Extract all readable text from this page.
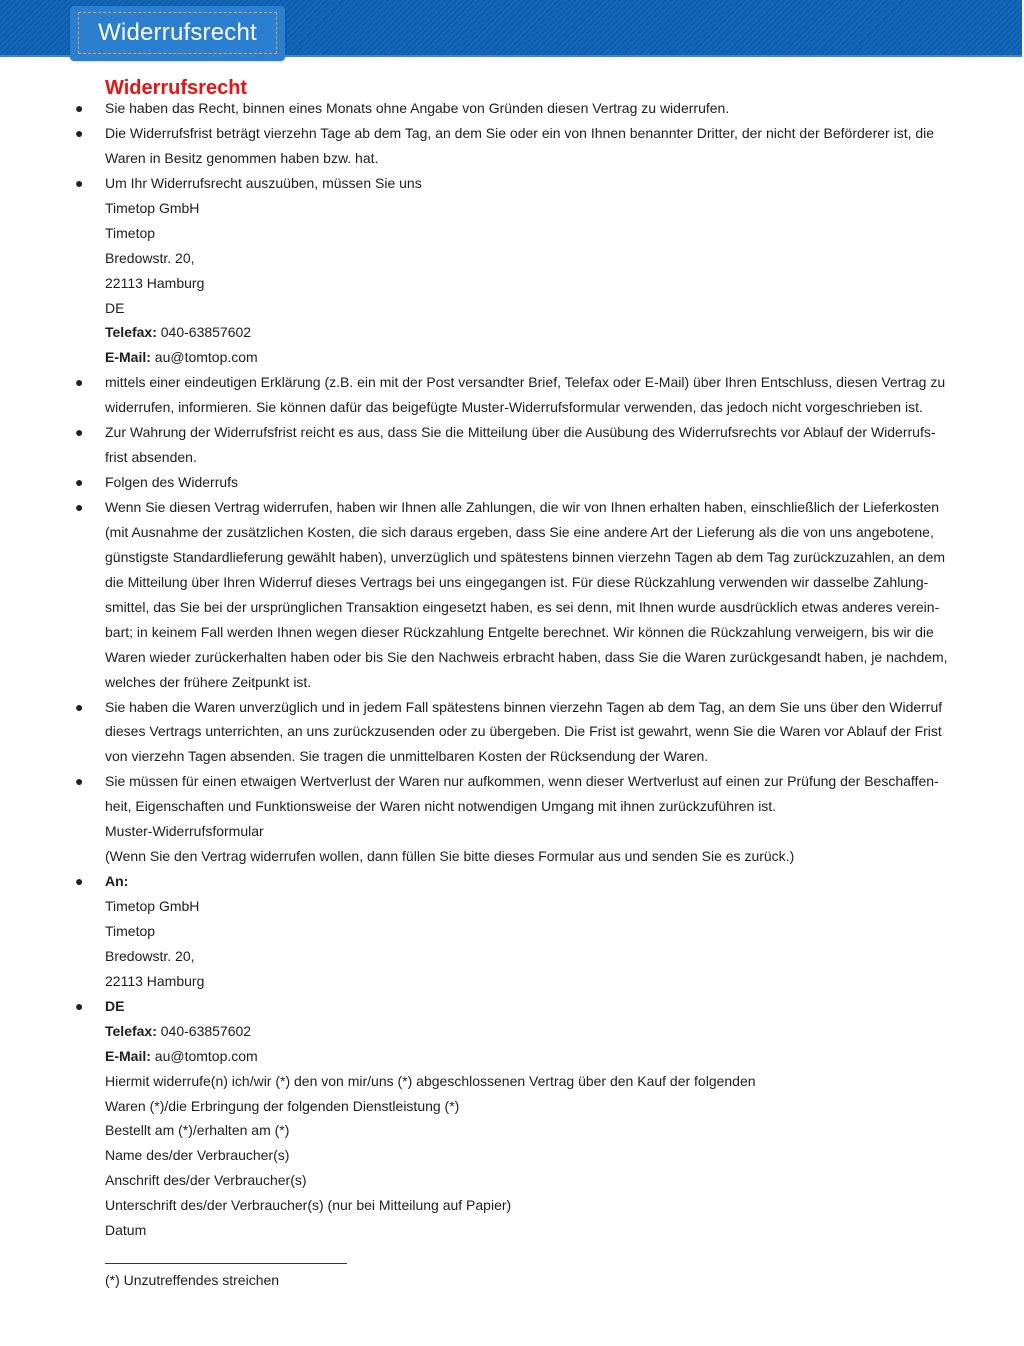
Widerrufsrecht
Widerrufsrecht
● Sie haben das Recht, binnen eines Monats ohne Angabe von Gründen diesen Vertrag zu widerrufen.
● Die Widerrufsfrist beträgt vierzehn Tage ab dem Tag, an dem Sie oder ein von Ihnen benannter Dritter, der nicht der Beförderer ist, die
Waren in Besitz genommen haben bzw. hat.
● Um Ihr Widerrufsrecht auszuüben, müssen Sie uns
Timetop GmbH
Timetop
Bredowstr. 20,
22113 Hamburg
DE
Telefax: 040-63857602
E-Mail: au@tomtop.com
● mittels einer eindeutigen Erklärung (z.B. ein mit der Post versandter Brief, Telefax oder E-Mail) über Ihren Entschluss, diesen Vertrag zu
widerrufen, informieren. Sie können dafür das beigefügte Muster-Widerrufsformular verwenden, das jedoch nicht vorgeschrieben ist.
● Zur Wahrung der Widerrufsfrist reicht es aus, dass Sie die Mitteilung über die Ausübung des Widerrufsrechts vor Ablauf der Widerrufs-
frist absenden.
● Folgen des Widerrufs
● Wenn Sie diesen Vertrag widerrufen, haben wir Ihnen alle Zahlungen, die wir von Ihnen erhalten haben, einschließlich der Lieferkosten
(mit Ausnahme der zusätzlichen Kosten, die sich daraus ergeben, dass Sie eine andere Art der Lieferung als die von uns angebotene,
günstigste Standardlieferung gewählt haben), unverzüglich und spätestens binnen vierzehn Tagen ab dem Tag zurückzuzahlen, an dem
die Mitteilung über Ihren Widerruf dieses Vertrags bei uns eingegangen ist. Für diese Rückzahlung verwenden wir dasselbe Zahlung-
smittel, das Sie bei der ursprünglichen Transaktion eingesetzt haben, es sei denn, mit Ihnen wurde ausdrücklich etwas anderes verein-
bart; in keinem Fall werden Ihnen wegen dieser Rückzahlung Entgelte berechnet. Wir können die Rückzahlung verweigern, bis wir die
Waren wieder zurückerhalten haben oder bis Sie den Nachweis erbracht haben, dass Sie die Waren zurückgesandt haben, je nachdem,
welches der frühere Zeitpunkt ist.
● Sie haben die Waren unverzüglich und in jedem Fall spätestens binnen vierzehn Tagen ab dem Tag, an dem Sie uns über den Widerruf
dieses Vertrags unterrichten, an uns zurückzusenden oder zu übergeben. Die Frist ist gewahrt, wenn Sie die Waren vor Ablauf der Frist
von vierzehn Tagen absenden. Sie tragen die unmittelbaren Kosten der Rücksendung der Waren.
● Sie müssen für einen etwaigen Wertverlust der Waren nur aufkommen, wenn dieser Wertverlust auf einen zur Prüfung der Beschaffen-
heit, Eigenschaften und Funktionsweise der Waren nicht notwendigen Umgang mit ihnen zurückzuführen ist.
Muster-Widerrufsformular
(Wenn Sie den Vertrag widerrufen wollen, dann füllen Sie bitte dieses Formular aus und senden Sie es zurück.)
● An:
Timetop GmbH
Timetop
Bredowstr. 20,
22113 Hamburg
● DE
Telefax: 040-63857602
E-Mail: au@tomtop.com
Hiermit widerrufe(n) ich/wir (*) den von mir/uns (*) abgeschlossenen Vertrag über den Kauf der folgenden
Waren (*)/die Erbringung der folgenden Dienstleistung (*)
Bestellt am (*)/erhalten am (*)
Name des/der Verbraucher(s)
Anschrift des/der Verbraucher(s)
Unterschrift des/der Verbraucher(s) (nur bei Mitteilung auf Papier)
Datum
(*) Unzutreffendes streichen
